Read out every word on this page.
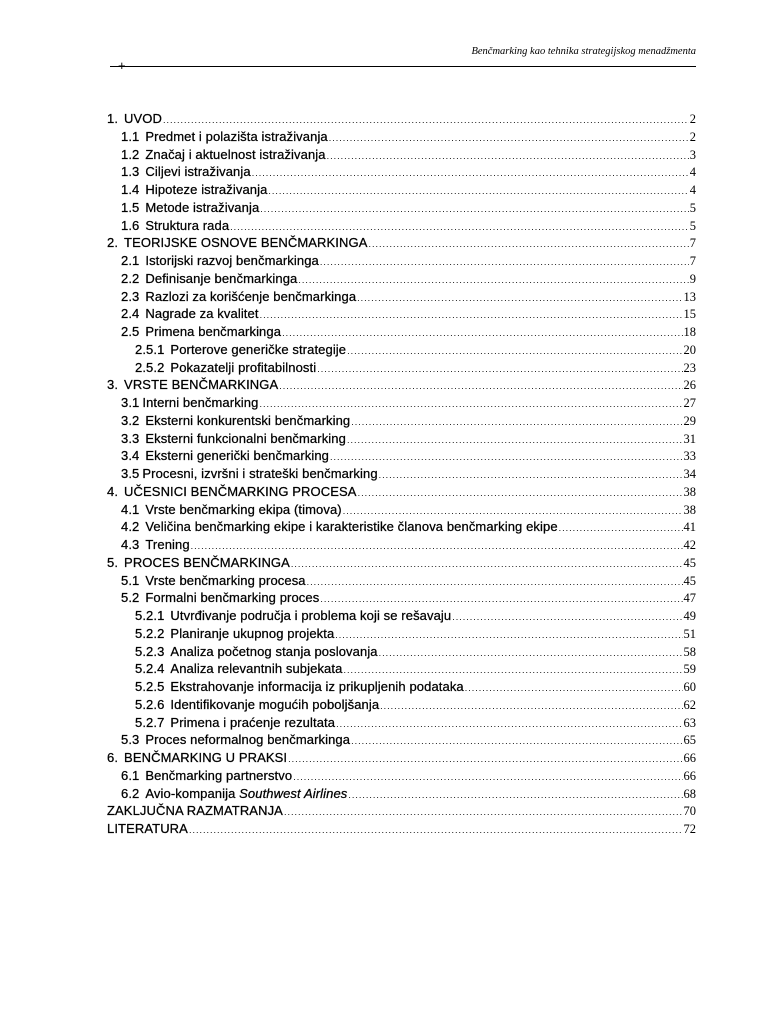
Benčmarking kao tehnika strategijskog menadžmenta
+
1. UVOD .....	2
1.1 Predmet i polazišta istraživanja .....	2
1.2 Značaj i aktuelnost istraživanja .....	3
1.3 Ciljevi istraživanja .....	4
1.4 Hipoteze istraživanja .....	4
1.5 Metode istraživanja .....	5
1.6 Struktura rada .....	5
2. TEORIJSKE OSNOVE BENČMARKINGA .....	7
2.1 Istorijski razvoj benčmarkinga .....	7
2.2 Definisanje benčmarkinga .....	9
2.3 Razlozi za korišćenje benčmarkinga .....	13
2.4 Nagrade za kvalitet .....	15
2.5 Primena benčmarkinga .....	18
2.5.1 Porterove generičke strategije .....	20
2.5.2 Pokazatelji profitabilnosti .....	23
3. VRSTE BENČMARKINGA .....	26
3.1 Interni benčmarking .....	27
3.2 Eksterni konkurentski benčmarking .....	29
3.3 Eksterni funkcionalni benčmarking .....	31
3.4 Eksterni generički benčmarking .....	33
3.5 Procesni, izvršni i strateški benčmarking .....	34
4. UČESNICI BENČMARKING PROCESA .....	38
4.1 Vrste benčmarking ekipa (timova) .....	38
4.2 Veličina benčmarking ekipe i karakteristike članova benčmarking ekipe .....	41
4.3 Trening .....	42
5. PROCES BENČMARKINGA .....	45
5.1 Vrste benčmarking procesa .....	45
5.2 Formalni benčmarking proces .....	47
5.2.1 Utvrđivanje područja i problema koji se rešavaju .....	49
5.2.2 Planiranje ukupnog projekta .....	51
5.2.3 Analiza početnog stanja poslovanja .....	58
5.2.4 Analiza relevantnih subjekata .....	59
5.2.5 Ekstrahovanje informacija iz prikupljenih podataka .....	60
5.2.6 Identifikovanje mogućih poboljšanja .....	62
5.2.7 Primena i praćenje rezultata .....	63
5.3 Proces neformalnog benčmarkinga .....	65
6. BENČMARKING U PRAKSI .....	66
6.1 Benčmarking partnerstvo .....	66
6.2 Avio-kompanija Southwest Airlines .....	68
ZAKLJUČNA RAZMATRANJA .....	70
LITERATURA .....	72
